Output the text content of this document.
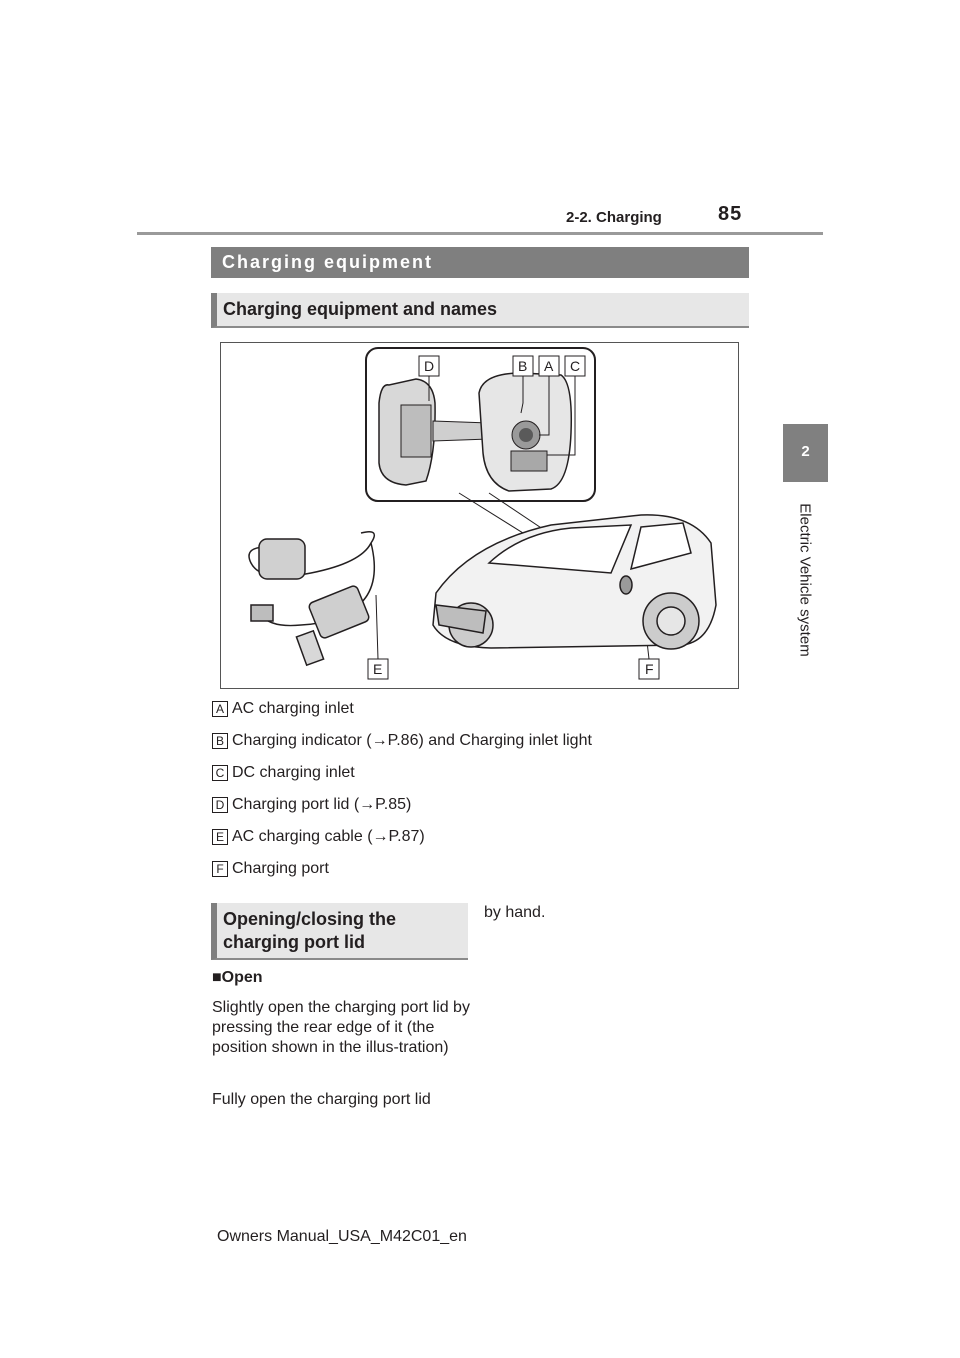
2-2. Charging	85
2
Electric Vehicle system
Charging equipment
Charging equipment and names
D	B A C
E	F
A AC charging inlet
B Charging indicator (→P.86) and Charging inlet light
C DC charging inlet
D Charging port lid (→P.85)
E AC charging cable (→P.87)
F Charging port
Opening/closing the charging port lid
by hand.
■Open
Slightly open the charging port lid by pressing the rear edge of it (the position shown in the illus-tration)
Fully open the charging port lid
Owners Manual_USA_M42C01_en
